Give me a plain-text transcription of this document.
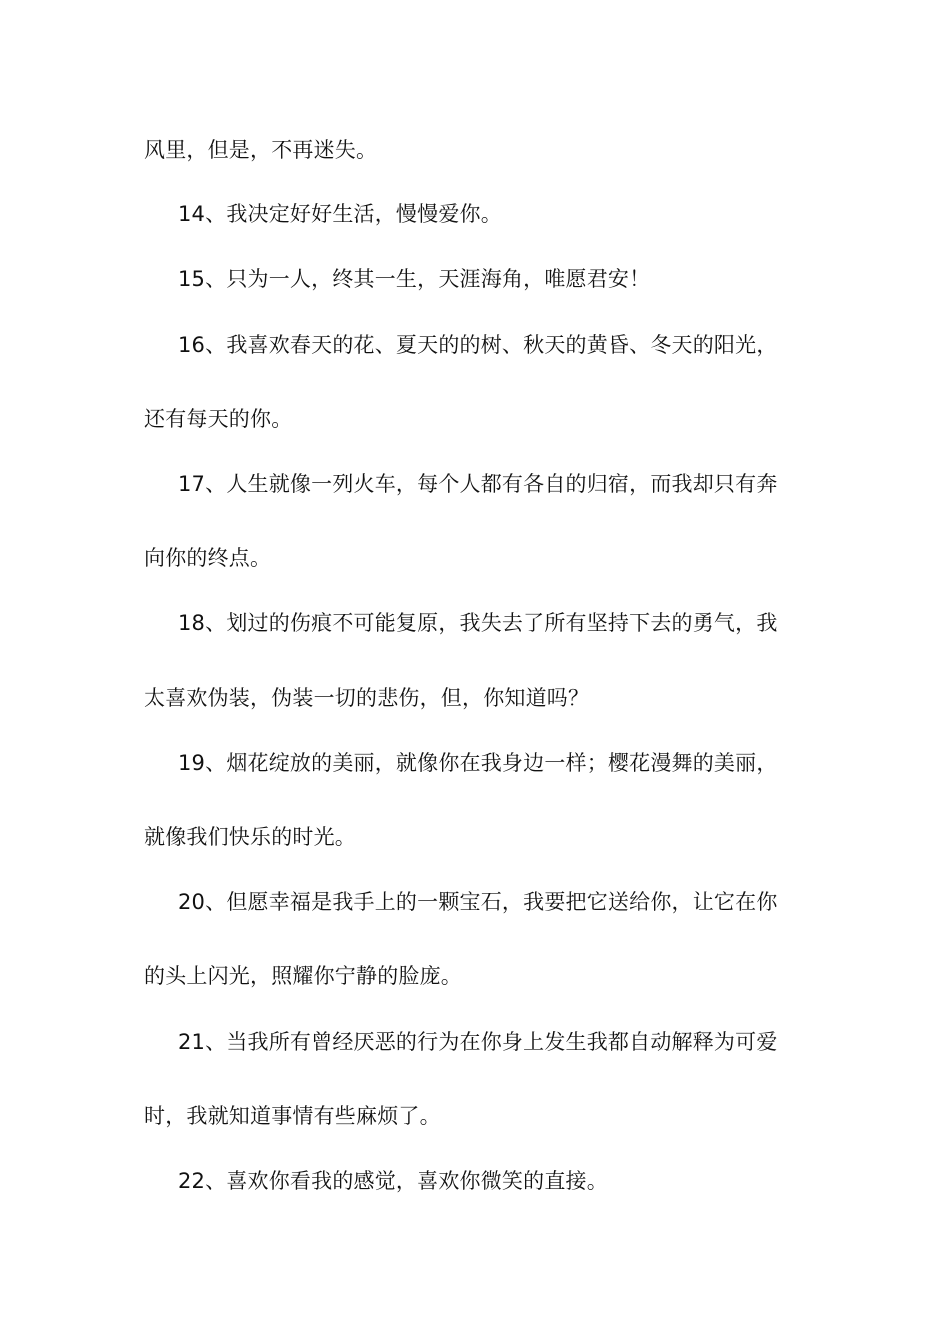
风里，但是，不再迷失。
14、我决定好好生活，慢慢爱你。
15、只为一人，终其一生，天涯海角，唯愿君安！
16、我喜欢春天的花、夏天的的树、秋天的黄昏、冬天的阳光，
还有每天的你。
17、人生就像一列火车，每个人都有各自的归宿，而我却只有奔
向你的终点。
18、划过的伤痕不可能复原，我失去了所有坚持下去的勇气，我
太喜欢伪装，伪装一切的悲伤，但，你知道吗？
19、烟花绽放的美丽，就像你在我身边一样；樱花漫舞的美丽，
就像我们快乐的时光。
20、但愿幸福是我手上的一颗宝石，我要把它送给你，让它在你
的头上闪光，照耀你宁静的脸庞。
21、当我所有曾经厌恶的行为在你身上发生我都自动解释为可爱
时，我就知道事情有些麻烦了。
22、喜欢你看我的感觉，喜欢你微笑的直接。
